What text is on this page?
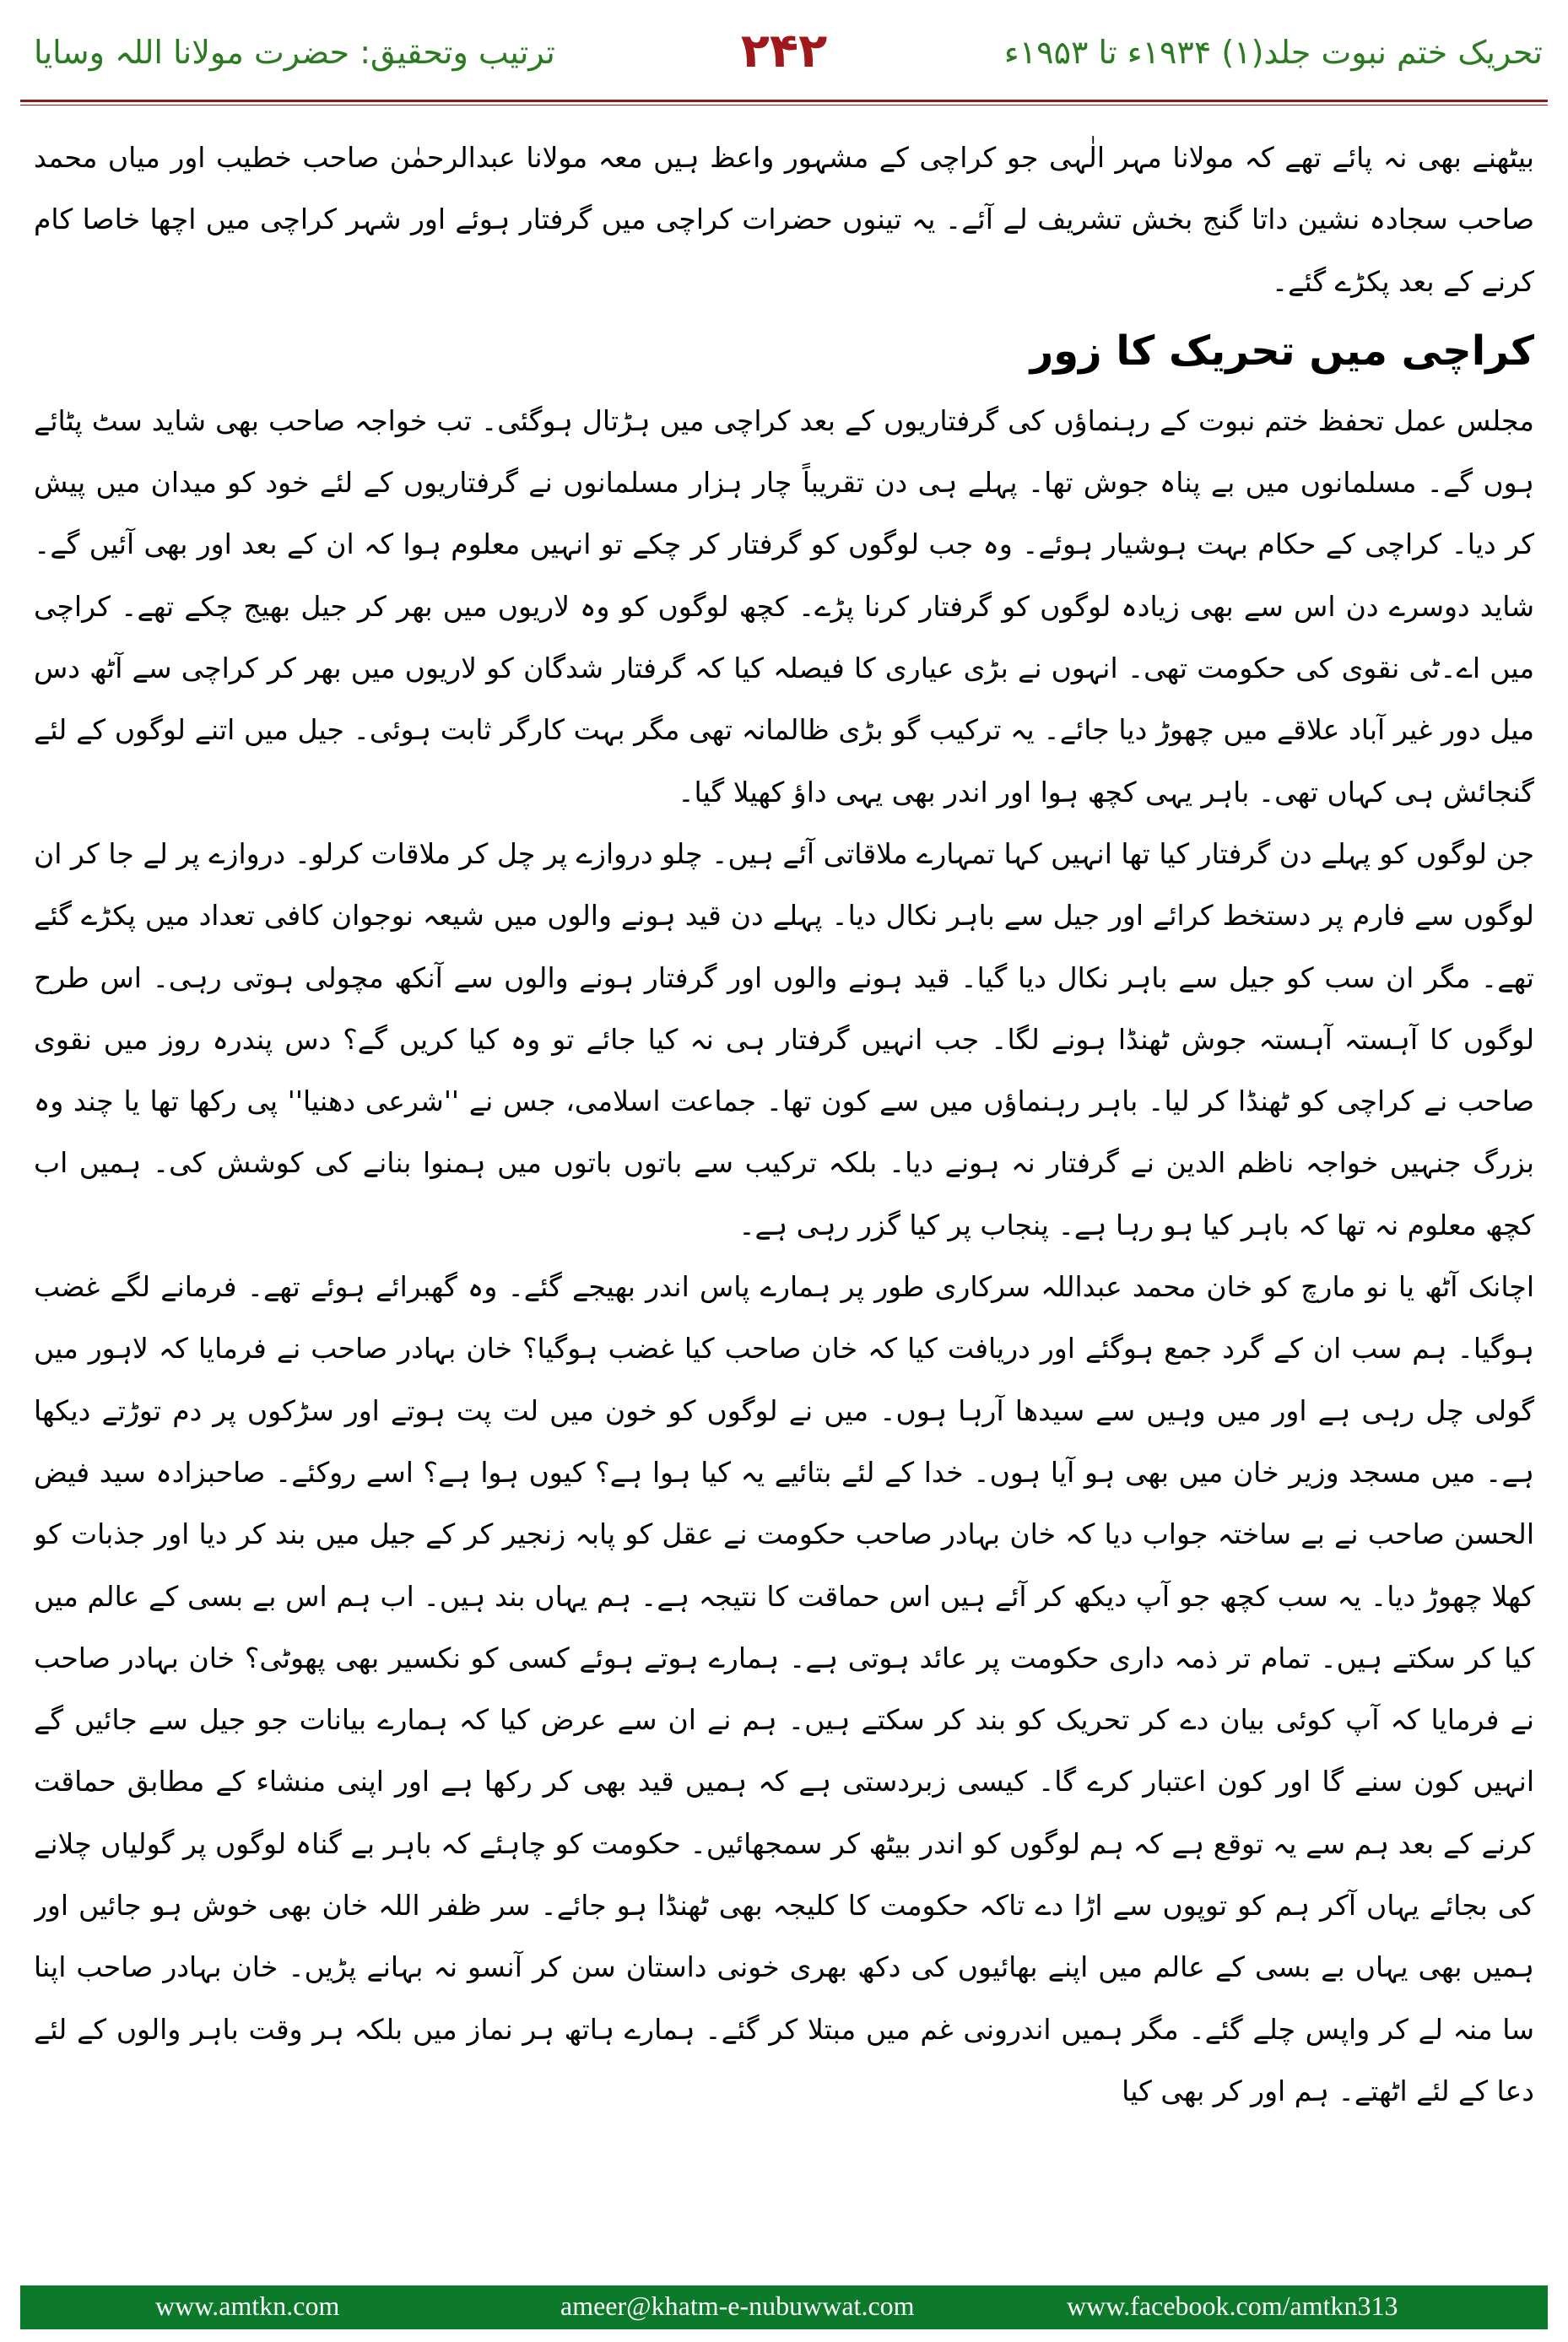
تحریک ختم نبوت جلد(۱) ۱۹۳۴ء تا ۱۹۵۳ء
۲۴۲
ترتیب وتحقیق: حضرت مولانا اللہ وسایا

بیٹھنے بھی نہ پائے تھے کہ مولانا مہر الٰہی جو کراچی کے مشہور واعظ ہیں معہ مولانا عبدالرحمٰن صاحب خطیب اور میاں محمد صاحب سجادہ نشین داتا گنج بخش تشریف لے آئے۔ یہ تینوں حضرات کراچی میں گرفتار ہوئے اور شہر کراچی میں اچھا خاصا کام کرنے کے بعد پکڑے گئے۔

کراچی میں تحریک کا زور

مجلس عمل تحفظ ختم نبوت کے رہنماؤں کی گرفتاریوں کے بعد کراچی میں ہڑتال ہوگئی۔ تب خواجہ صاحب بھی شاید سٹ پٹائے ہوں گے۔ مسلمانوں میں بے پناہ جوش تھا۔ پہلے ہی دن تقریباً چار ہزار مسلمانوں نے گرفتاریوں کے لئے خود کو میدان میں پیش کر دیا۔ کراچی کے حکام بہت ہوشیار ہوئے۔ وہ جب لوگوں کو گرفتار کر چکے تو انہیں معلوم ہوا کہ ان کے بعد اور بھی آئیں گے۔ شاید دوسرے دن اس سے بھی زیادہ لوگوں کو گرفتار کرنا پڑے۔ کچھ لوگوں کو وہ لاریوں میں بھر کر جیل بھیج چکے تھے۔ کراچی میں اے۔ٹی نقوی کی حکومت تھی۔ انہوں نے بڑی عیاری کا فیصلہ کیا کہ گرفتار شدگان کو لاریوں میں بھر کر کراچی سے آٹھ دس میل دور غیر آباد علاقے میں چھوڑ دیا جائے۔ یہ ترکیب گو بڑی ظالمانہ تھی مگر بہت کارگر ثابت ہوئی۔ جیل میں اتنے لوگوں کے لئے گنجائش ہی کہاں تھی۔ باہر یہی کچھ ہوا اور اندر بھی یہی داؤ کھیلا گیا۔

جن لوگوں کو پہلے دن گرفتار کیا تھا انہیں کہا تمہارے ملاقاتی آئے ہیں۔ چلو دروازے پر چل کر ملاقات کرلو۔ دروازے پر لے جا کر ان لوگوں سے فارم پر دستخط کرائے اور جیل سے باہر نکال دیا۔ پہلے دن قید ہونے والوں میں شیعہ نوجوان کافی تعداد میں پکڑے گئے تھے۔ مگر ان سب کو جیل سے باہر نکال دیا گیا۔ قید ہونے والوں اور گرفتار ہونے والوں سے آنکھ مچولی ہوتی رہی۔ اس طرح لوگوں کا آہستہ آہستہ جوش ٹھنڈا ہونے لگا۔ جب انہیں گرفتار ہی نہ کیا جائے تو وہ کیا کریں گے؟ دس پندرہ روز میں نقوی صاحب نے کراچی کو ٹھنڈا کر لیا۔ باہر رہنماؤں میں سے کون تھا۔ جماعت اسلامی، جس نے ''شرعی دھنیا'' پی رکھا تھا یا چند وہ بزرگ جنہیں خواجہ ناظم الدین نے گرفتار نہ ہونے دیا۔ بلکہ ترکیب سے باتوں باتوں میں ہمنوا بنانے کی کوشش کی۔ ہمیں اب کچھ معلوم نہ تھا کہ باہر کیا ہو رہا ہے۔ پنجاب پر کیا گزر رہی ہے۔

اچانک آٹھ یا نو مارچ کو خان محمد عبداللہ سرکاری طور پر ہمارے پاس اندر بھیجے گئے۔ وہ گھبرائے ہوئے تھے۔ فرمانے لگے غضب ہوگیا۔ ہم سب ان کے گرد جمع ہوگئے اور دریافت کیا کہ خان صاحب کیا غضب ہوگیا؟ خان بہادر صاحب نے فرمایا کہ لاہور میں گولی چل رہی ہے اور میں وہیں سے سیدھا آرہا ہوں۔ میں نے لوگوں کو خون میں لت پت ہوتے اور سڑکوں پر دم توڑتے دیکھا ہے۔ میں مسجد وزیر خان میں بھی ہو آیا ہوں۔ خدا کے لئے بتائیے یہ کیا ہوا ہے؟ کیوں ہوا ہے؟ اسے روکئے۔ صاحبزادہ سید فیض الحسن صاحب نے بے ساختہ جواب دیا کہ خان بہادر صاحب حکومت نے عقل کو پابہ زنجیر کر کے جیل میں بند کر دیا اور جذبات کو کھلا چھوڑ دیا۔ یہ سب کچھ جو آپ دیکھ کر آئے ہیں اس حماقت کا نتیجہ ہے۔ ہم یہاں بند ہیں۔ اب ہم اس بے بسی کے عالم میں کیا کر سکتے ہیں۔ تمام تر ذمہ داری حکومت پر عائد ہوتی ہے۔ ہمارے ہوتے ہوئے کسی کو نکسیر بھی پھوٹی؟ خان بہادر صاحب نے فرمایا کہ آپ کوئی بیان دے کر تحریک کو بند کر سکتے ہیں۔ ہم نے ان سے عرض کیا کہ ہمارے بیانات جو جیل سے جائیں گے انہیں کون سنے گا اور کون اعتبار کرے گا۔ کیسی زبردستی ہے کہ ہمیں قید بھی کر رکھا ہے اور اپنی منشاء کے مطابق حماقت کرنے کے بعد ہم سے یہ توقع ہے کہ ہم لوگوں کو اندر بیٹھ کر سمجھائیں۔ حکومت کو چاہئے کہ باہر بے گناہ لوگوں پر گولیاں چلانے کی بجائے یہاں آکر ہم کو توپوں سے اڑا دے تاکہ حکومت کا کلیجہ بھی ٹھنڈا ہو جائے۔ سر ظفر اللہ خان بھی خوش ہو جائیں اور ہمیں بھی یہاں بے بسی کے عالم میں اپنے بھائیوں کی دکھ بھری خونی داستان سن کر آنسو نہ بہانے پڑیں۔ خان بہادر صاحب اپنا سا منہ لے کر واپس چلے گئے۔ مگر ہمیں اندرونی غم میں مبتلا کر گئے۔ ہمارے ہاتھ ہر نماز میں بلکہ ہر وقت باہر والوں کے لئے دعا کے لئے اٹھتے۔ ہم اور کر بھی کیا

www.amtkn.com	ameer@khatm-e-nubuwwat.com	www.facebook.com/amtkn313
